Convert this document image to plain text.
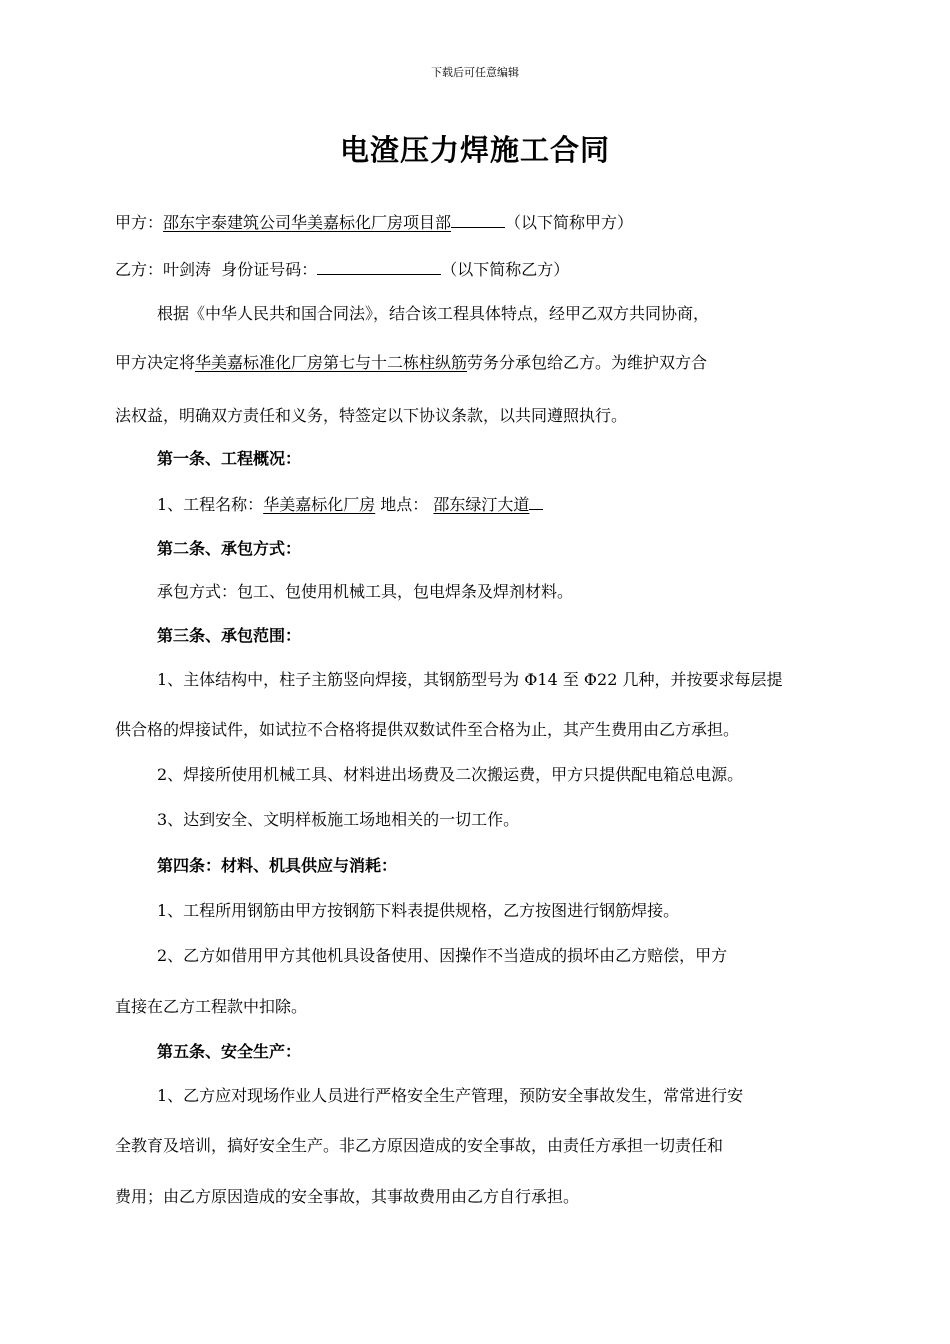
下载后可任意编辑
电渣压力焊施工合同
甲方：邵东宇泰建筑公司华美嘉标化厂房项目部	（以下简称甲方）
乙方：叶剑涛 身份证号码：	（以下简称乙方）
根据《中华人民共和国合同法》，结合该工程具体特点，经甲乙双方共同协商，
甲方决定将华美嘉标准化厂房第七与十二栋柱纵筋劳务分承包给乙方。为维护双方合
法权益，明确双方责任和义务，特签定以下协议条款，以共同遵照执行。
第一条、工程概况：
1、工程名称：华美嘉标化厂房 地点： 邵东绿汀大道
第二条、承包方式：
承包方式：包工、包使用机械工具，包电焊条及焊剂材料。
第三条、承包范围：
1、主体结构中，柱子主筋竖向焊接，其钢筋型号为 Φ14 至 Φ22 几种，并按要求每层提
供合格的焊接试件，如试拉不合格将提供双数试件至合格为止，其产生费用由乙方承担。
2、焊接所使用机械工具、材料进出场费及二次搬运费，甲方只提供配电箱总电源。
3、达到安全、文明样板施工场地相关的一切工作。
第四条：材料、机具供应与消耗：
1、工程所用钢筋由甲方按钢筋下料表提供规格，乙方按图进行钢筋焊接。
2、乙方如借用甲方其他机具设备使用、因操作不当造成的损坏由乙方赔偿，甲方
直接在乙方工程款中扣除。
第五条、安全生产：
1、乙方应对现场作业人员进行严格安全生产管理，预防安全事故发生，常常进行安
全教育及培训，搞好安全生产。非乙方原因造成的安全事故，由责任方承担一切责任和
费用；由乙方原因造成的安全事故，其事故费用由乙方自行承担。
